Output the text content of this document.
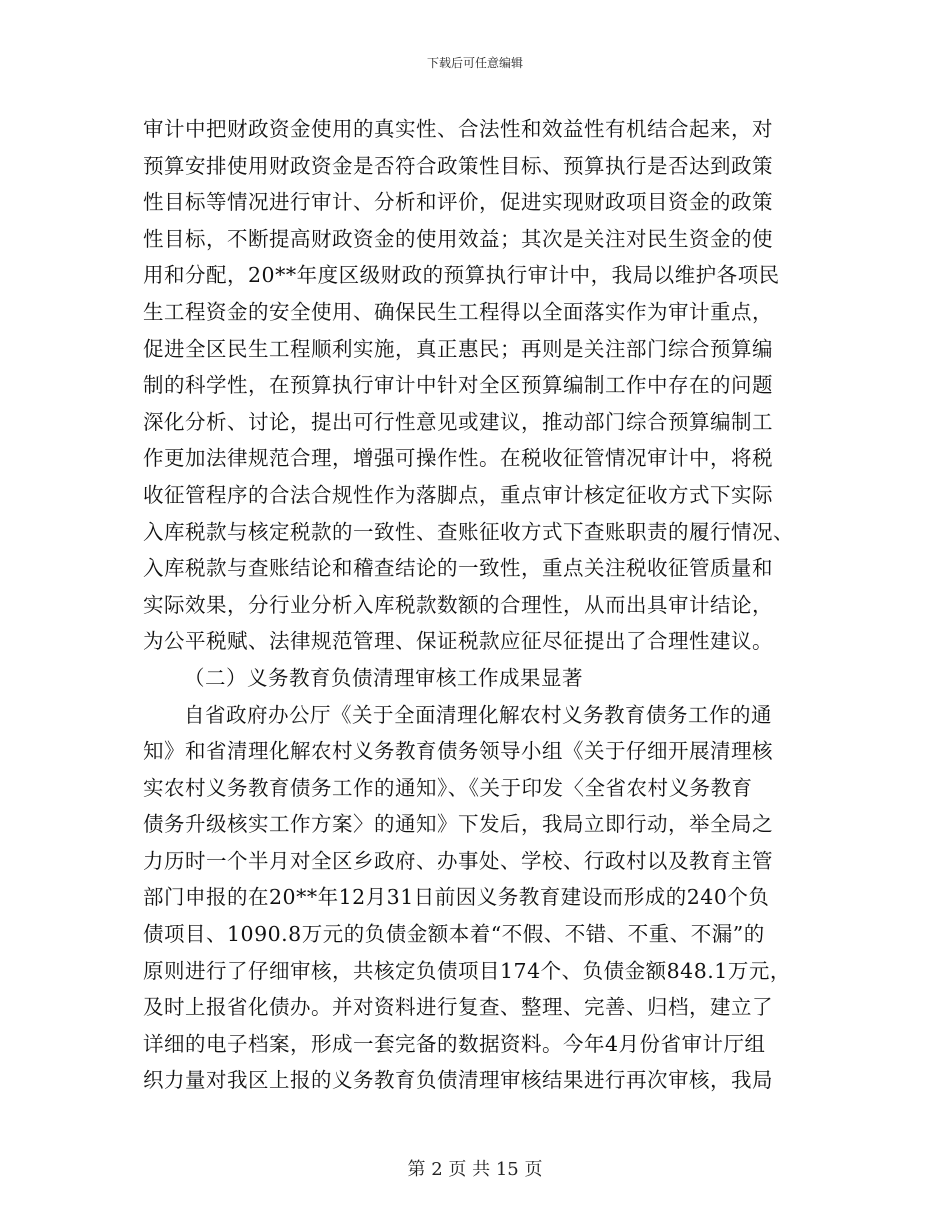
下载后可任意编辑
审计中把财政资金使用的真实性、合法性和效益性有机结合起来，对
预算安排使用财政资金是否符合政策性目标、预算执行是否达到政策
性目标等情况进行审计、分析和评价，促进实现财政项目资金的政策
性目标，不断提高财政资金的使用效益；其次是关注对民生资金的使
用和分配，20**年度区级财政的预算执行审计中，我局以维护各项民
生工程资金的安全使用、确保民生工程得以全面落实作为审计重点，
促进全区民生工程顺利实施，真正惠民；再则是关注部门综合预算编
制的科学性，在预算执行审计中针对全区预算编制工作中存在的问题
深化分析、讨论，提出可行性意见或建议，推动部门综合预算编制工
作更加法律规范合理，增强可操作性。在税收征管情况审计中，将税
收征管程序的合法合规性作为落脚点，重点审计核定征收方式下实际
入库税款与核定税款的一致性、查账征收方式下查账职责的履行情况、
入库税款与查账结论和稽查结论的一致性，重点关注税收征管质量和
实际效果，分行业分析入库税款数额的合理性，从而出具审计结论，
为公平税赋、法律规范管理、保证税款应征尽征提出了合理性建议。
（二）义务教育负债清理审核工作成果显著
自省政府办公厅《关于全面清理化解农村义务教育债务工作的通
知》和省清理化解农村义务教育债务领导小组《关于仔细开展清理核
实农村义务教育债务工作的通知》、《关于印发〈全省农村义务教育
债务升级核实工作方案〉的通知》下发后，我局立即行动，举全局之
力历时一个半月对全区乡政府、办事处、学校、行政村以及教育主管
部门申报的在20**年12月31日前因义务教育建设而形成的240个负
债项目、1090.8万元的负债金额本着“不假、不错、不重、不漏”的
原则进行了仔细审核，共核定负债项目174个、负债金额848.1万元，
及时上报省化债办。并对资料进行复查、整理、完善、归档，建立了
详细的电子档案，形成一套完备的数据资料。今年4月份省审计厅组
织力量对我区上报的义务教育负债清理审核结果进行再次审核，我局
第 2 页 共 15 页
